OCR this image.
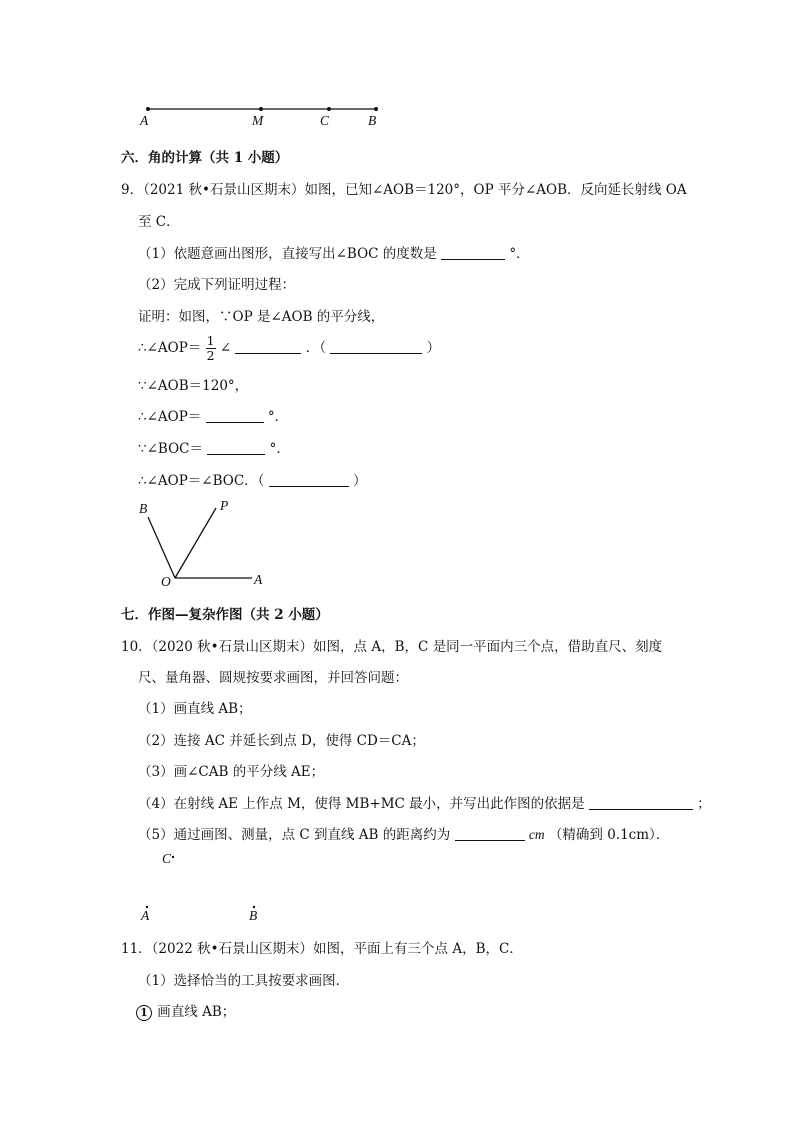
A	M	C	B
六．角的计算（共 1 小题）
9．（2021 秋•石景山区期末）如图，已知∠AOB＝120°，OP 平分∠AOB．反向延长射线 OA
至 C．
（1）依题意画出图形，直接写出∠BOC 的度数是	°．
（2）完成下列证明过程：
证明：如图，∵OP 是∠AOB 的平分线，
∴∠AOP＝ $\frac{1}{2}$ ∠	．（	）
∵∠AOB＝120°，
∴∠AOP＝	°．
∵∠BOC＝	°．
∴∠AOP＝∠BOC．（	）
B	P
O	A
七．作图—复杂作图（共 2 小题）
10．（2020 秋•石景山区期末）如图，点 A，B，C 是同一平面内三个点，借助直尺、刻度
尺、量角器、圆规按要求画图，并回答问题：
（1）画直线 AB；
（2）连接 AC 并延长到点 D，使得 CD＝CA；
（3）画∠CAB 的平分线 AE；
（4）在射线 AE 上作点 M，使得 MB+MC 最小，并写出此作图的依据是	；
（5）通过画图、测量，点 C 到直线 AB 的距离约为	cm （精确到 0.1cm）．
C
A	B
11．（2022 秋•石景山区期末）如图，平面上有三个点 A，B，C．
（1）选择恰当的工具按要求画图．
1 画直线 AB；
